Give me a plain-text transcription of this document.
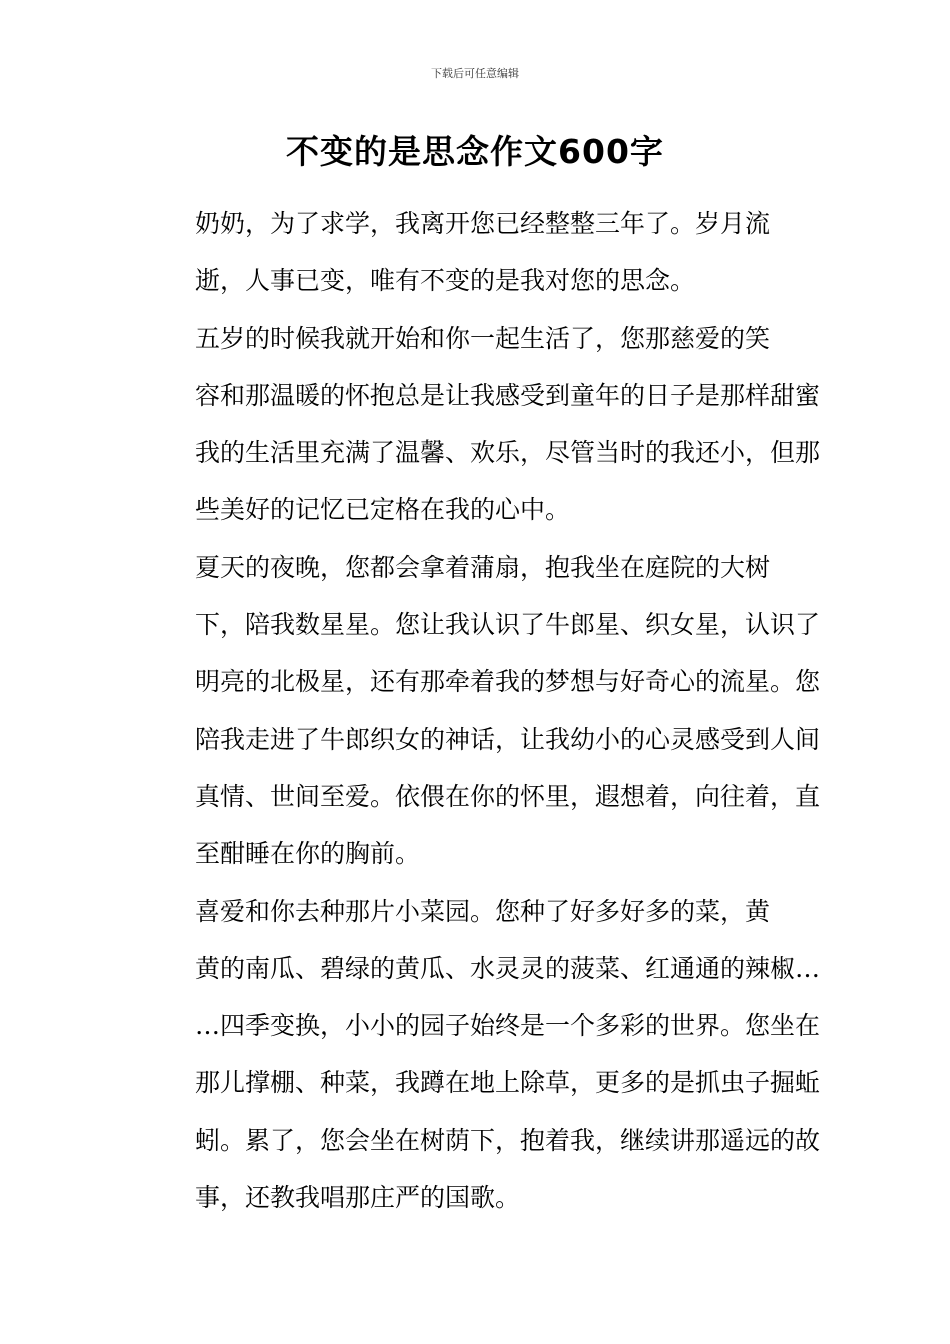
下载后可任意编辑
不变的是思念作文600字
奶奶，为了求学，我离开您已经整整三年了。岁月流
逝，人事已变，唯有不变的是我对您的思念。
五岁的时候我就开始和你一起生活了，您那慈爱的笑
容和那温暖的怀抱总是让我感受到童年的日子是那样甜蜜
我的生活里充满了温馨、欢乐，尽管当时的我还小，但那
些美好的记忆已定格在我的心中。
夏天的夜晚，您都会拿着蒲扇，抱我坐在庭院的大树
下，陪我数星星。您让我认识了牛郎星、织女星，认识了
明亮的北极星，还有那牵着我的梦想与好奇心的流星。您
陪我走进了牛郎织女的神话，让我幼小的心灵感受到人间
真情、世间至爱。依偎在你的怀里，遐想着，向往着，直
至酣睡在你的胸前。
喜爱和你去种那片小菜园。您种了好多好多的菜，黄
黄的南瓜、碧绿的黄瓜、水灵灵的菠菜、红通通的辣椒…
…四季变换，小小的园子始终是一个多彩的世界。您坐在
那儿撑棚、种菜，我蹲在地上除草，更多的是抓虫子掘蚯
蚓。累了，您会坐在树荫下，抱着我，继续讲那遥远的故
事，还教我唱那庄严的国歌。
